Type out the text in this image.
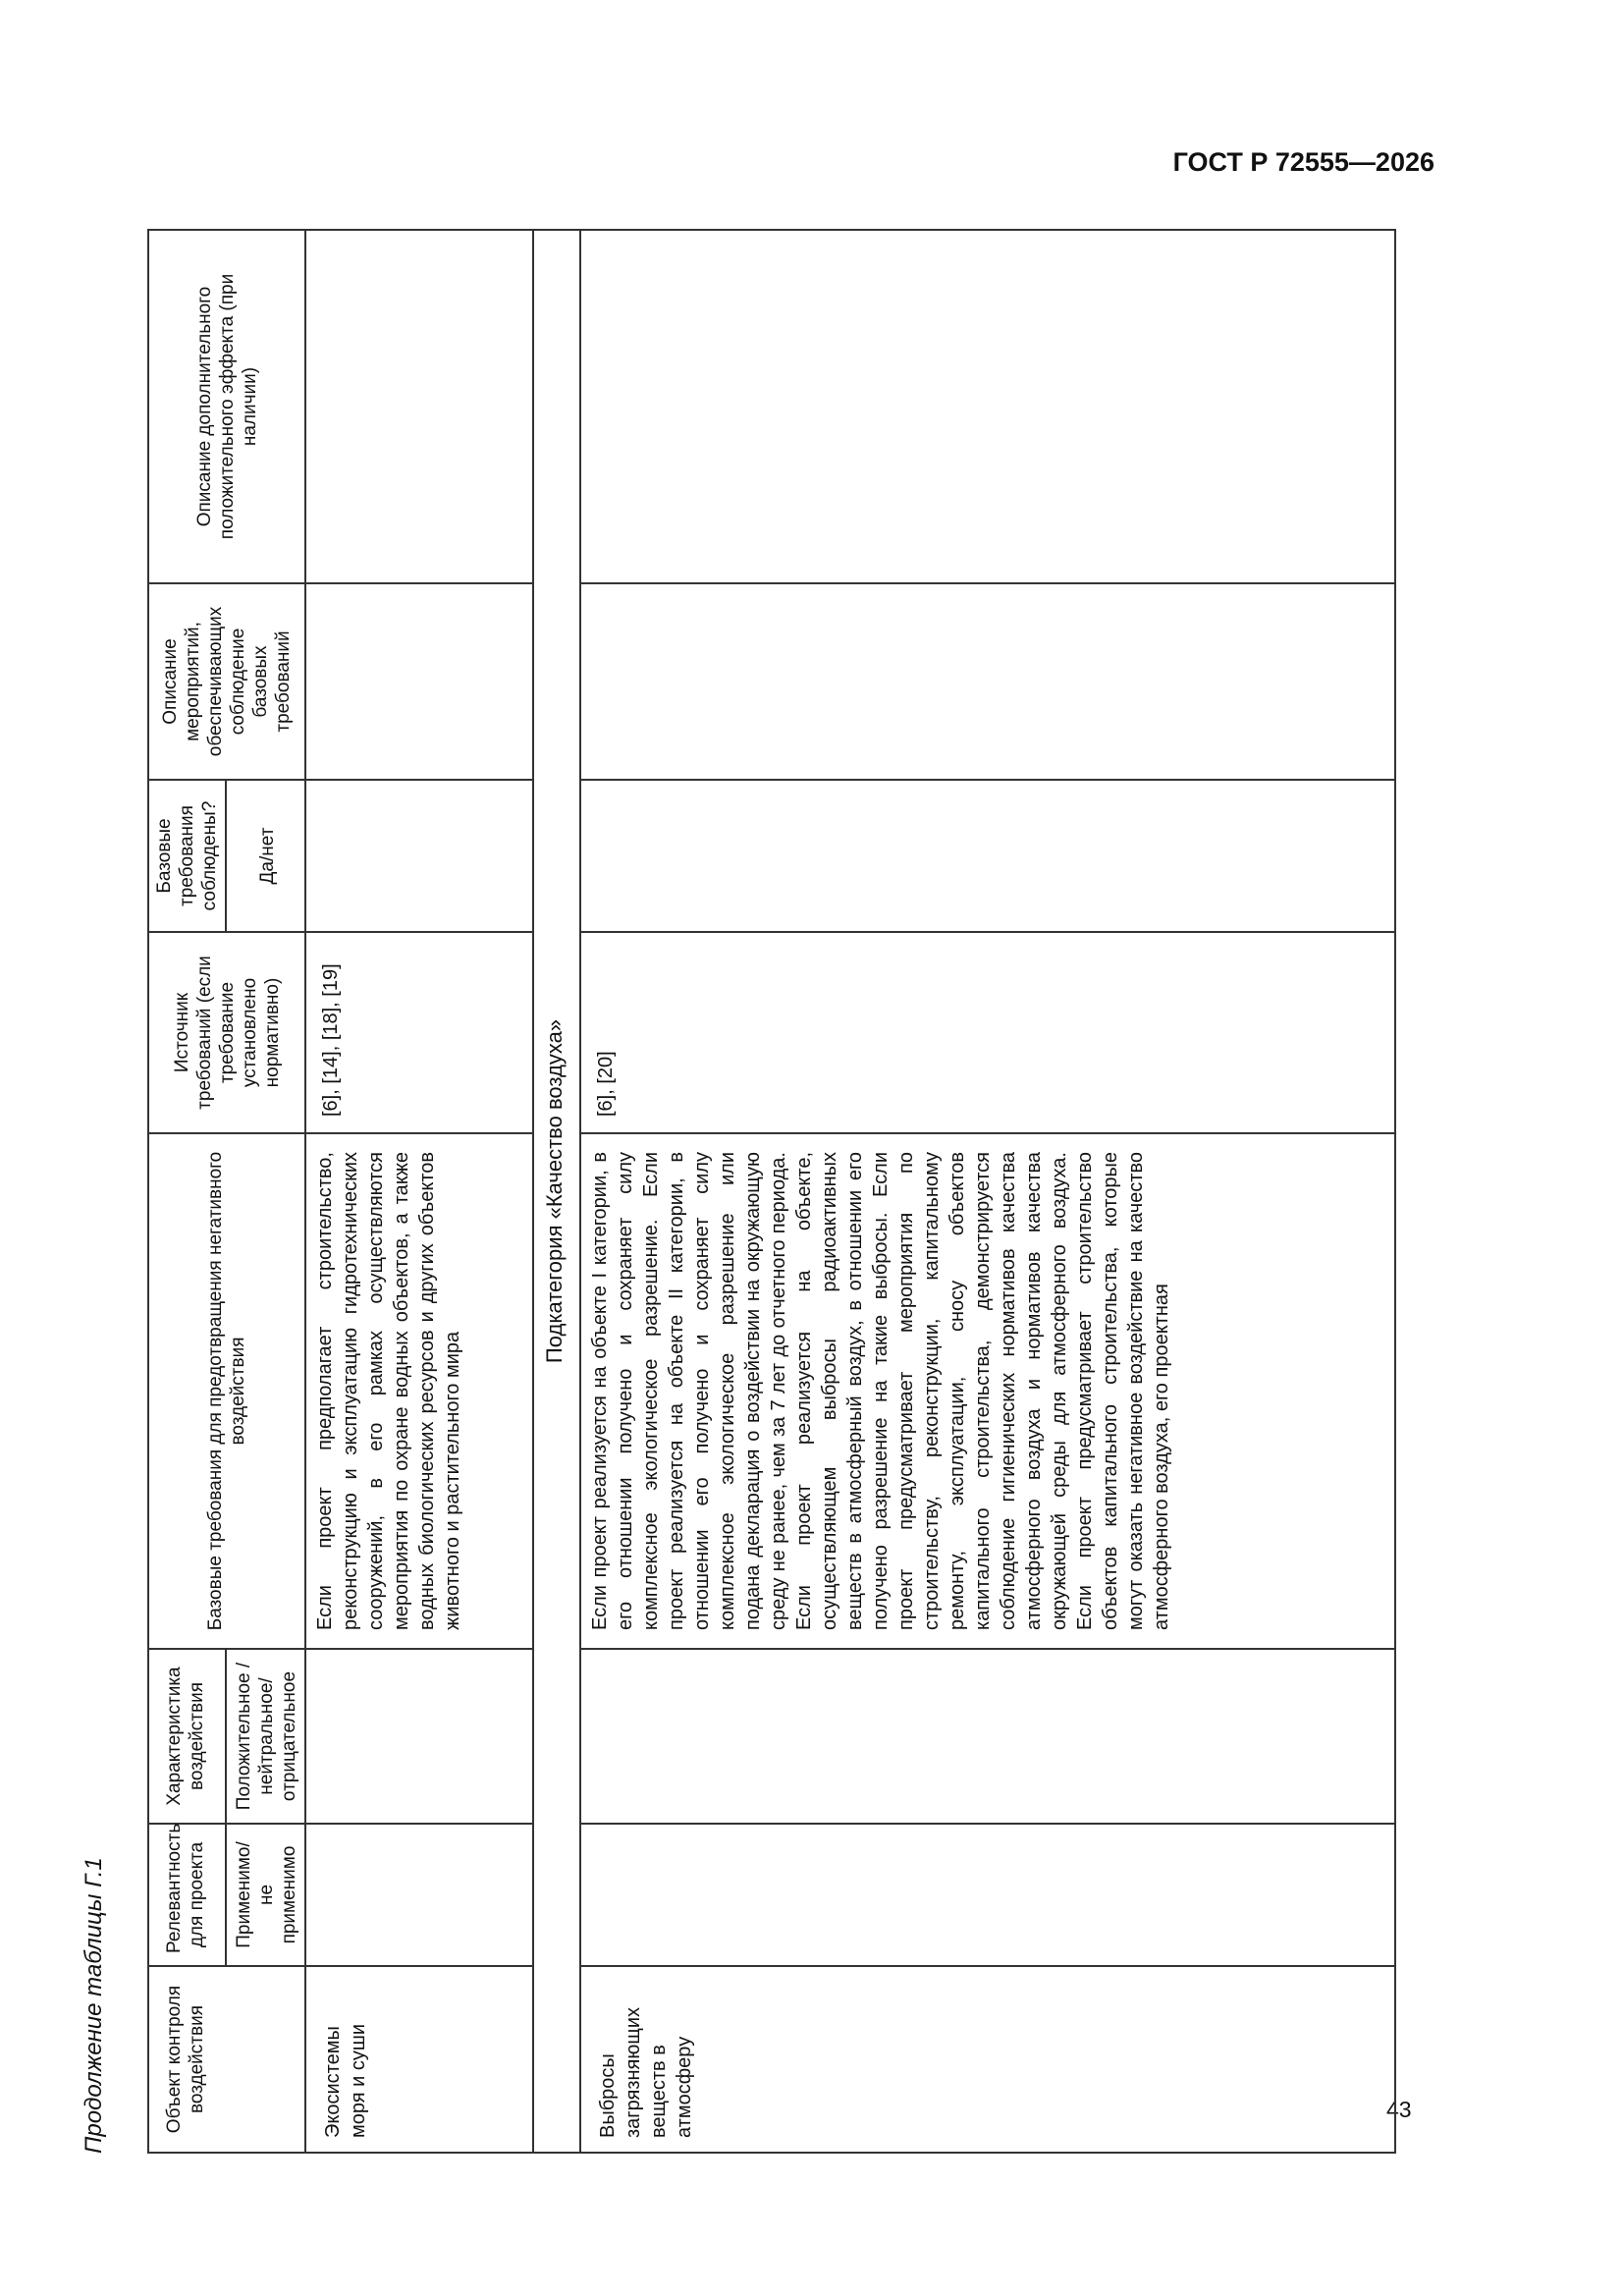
ГОСТ Р 72555—2026
43
Продолжение таблицы Г.1	Объект контроля воздействия	Релевантность для проекта	Характеристика воздействия	Базовые требования для предотвращения негативного воздействия	Источник требований (если требование установлено нормативно)	Базовые требования соблюдены?	Описание мероприятий, обеспечивающих соблюдение базовых требований	Описание дополнительного положительного эффекта (при наличии)
	Применимо/ не применимо	Положительное /нейтральное/ отрицательное			Да/нет		
Экосистемы моря и суши			Если проект предполагает строительство, реконструкцию и эксплуатацию гидротехнических сооружений, в его рамках осуществляются мероприятия по охране водных объектов, а также водных биологических ресурсов и других объектов животного и растительного мира	[6], [14], [18], [19]			
Подкатегория «Качество воздуха»							
Выбросы загрязняющих веществ в атмосферу			Если проект реализуется на объекте I категории, в его отношении получено и сохраняет силу комплексное экологическое разрешение. Если проект реализуется на объекте II категории, в отношении его получено и сохраняет силу комплексное экологическое разрешение или подана декларация о воздействии на окружающую среду не ранее, чем за 7 лет до отчетного периода. Если проект реализуется на объекте, осуществляющем выбросы радиоактивных веществ в атмосферный воздух, в отношении его получено разрешение на такие выбросы. Если проект предусматривает мероприятия по строительству, реконструкции, капитальному ремонту, эксплуатации, сносу объектов капитального строительства, демонстрируется соблюдение гигиенических нормативов качества атмосферного воздуха и нормативов качества окружающей среды для атмосферного воздуха. Если проект предусматривает строительство объектов капитального строительства, которые могут оказать негативное воздействие на качество атмосферного воздуха, его проектная	[6], [20]			
